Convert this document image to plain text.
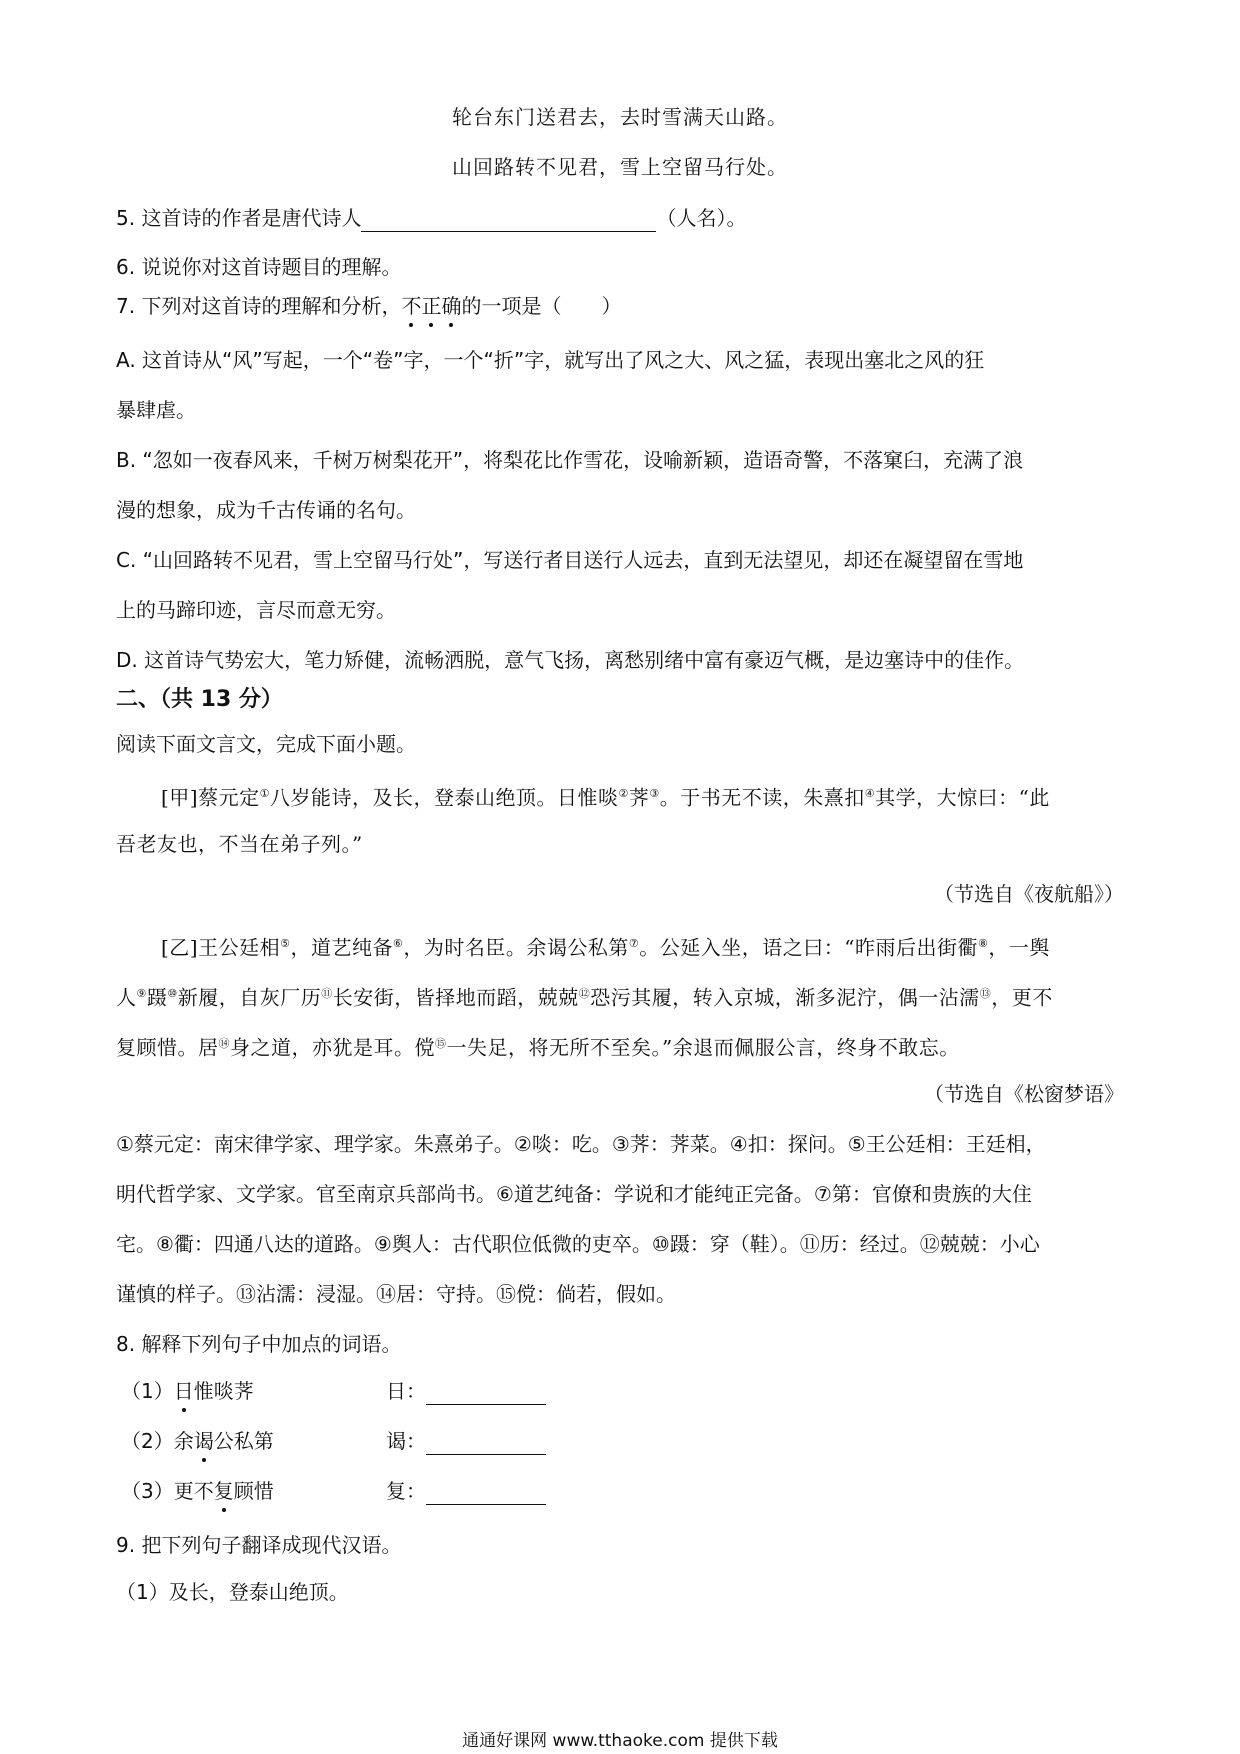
轮台东门送君去，去时雪满天山路。
山回路转不见君，雪上空留马行处。
5. 这首诗的作者是唐代诗人	（人名）。
6. 说说你对这首诗题目的理解。
7. 下列对这首诗的理解和分析，不正确的一项是（　　）
A. 这首诗从“风”写起，一个“卷”字，一个“折”字，就写出了风之大、风之猛，表现出塞北之风的狂
暴肆虐。
B. “忽如一夜春风来，千树万树梨花开”，将梨花比作雪花，设喻新颖，造语奇警，不落窠臼，充满了浪
漫的想象，成为千古传诵的名句。
C. “山回路转不见君，雪上空留马行处”，写送行者目送行人远去，直到无法望见，却还在凝望留在雪地
上的马蹄印迹，言尽而意无穷。
D. 这首诗气势宏大，笔力矫健，流畅洒脱，意气飞扬，离愁别绪中富有豪迈气概，是边塞诗中的佳作。
二、（共 13 分）
阅读下面文言文，完成下面小题。
[甲]蔡元定①八岁能诗，及长，登泰山绝顶。日惟啖②荠③。于书无不读，朱熹扣④其学，大惊曰：“此
吾老友也，不当在弟子列。”
（节选自《夜航船》）
[乙]王公廷相⑤，道艺纯备⑥，为时名臣。余谒公私第⑦。公延入坐，语之曰：“昨雨后出街衢⑧，一舆
人⑨蹑⑩新履，自灰厂历⑪长安街，皆择地而蹈，兢兢⑫恐污其履，转入京城，渐多泥泞，偶一沾濡⑬，更不
复顾惜。居⑭身之道，亦犹是耳。傥⑮一失足，将无所不至矣。”余退而佩服公言，终身不敢忘。
（节选自《松窗梦语》
①蔡元定：南宋律学家、理学家。朱熹弟子。②啖：吃。③荠：荠菜。④扣：探问。⑤王公廷相：王廷相，
明代哲学家、文学家。官至南京兵部尚书。⑥道艺纯备：学说和才能纯正完备。⑦第：官僚和贵族的大住
宅。⑧衢：四通八达的道路。⑨舆人：古代职位低微的吏卒。⑩蹑：穿（鞋）。⑪历：经过。⑫兢兢：小心
谨慎的样子。⑬沾濡：浸湿。⑭居：守持。⑮傥：倘若，假如。
8. 解释下列句子中加点的词语。
（1）日惟啖荠	日：
（2）余谒公私第	谒：
（3）更不复顾惜	复：
9. 把下列句子翻译成现代汉语。
（1）及长，登泰山绝顶。
通通好课网 www.tthaoke.com 提供下载
